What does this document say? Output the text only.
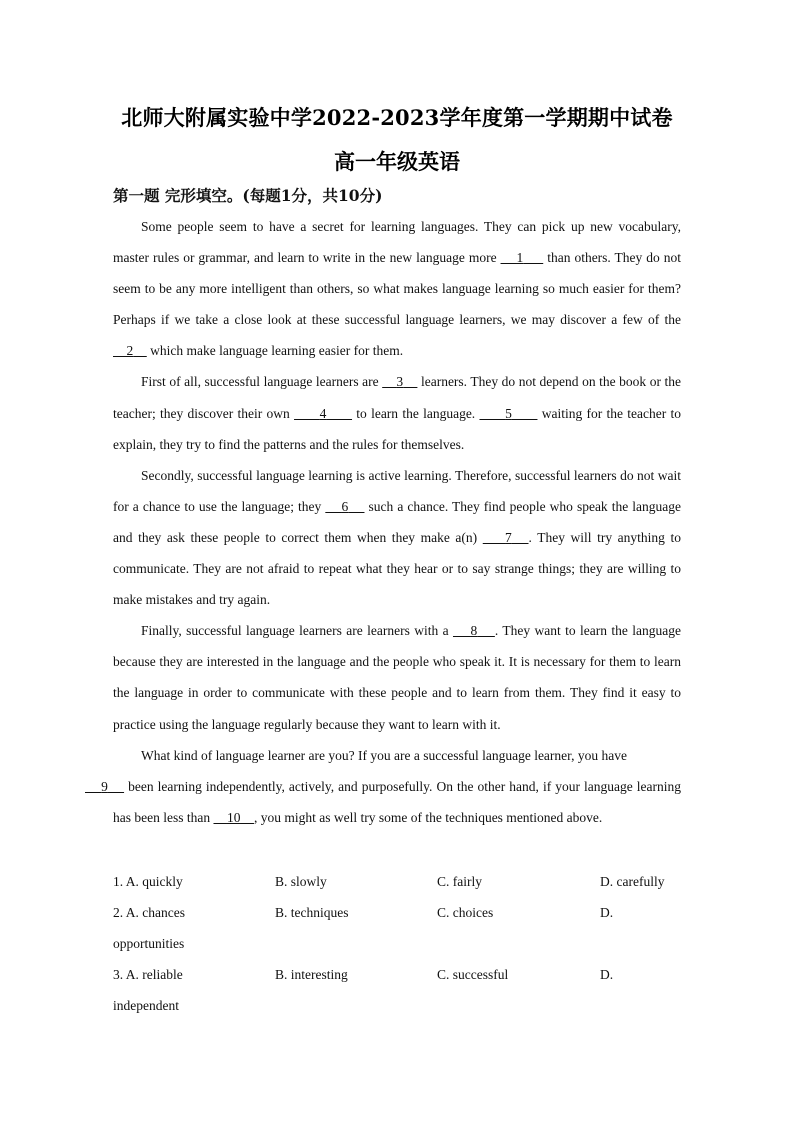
北师大附属实验中学2022-2023学年度第一学期期中试卷
高一年级英语
第一题 完形填空。(每题1分，共10分)

Some people seem to have a secret for learning languages. They can pick up new vocabulary, master rules or grammar, and learn to write in the new language more     1      than others. They do not seem to be any more intelligent than others, so what makes language learning so much easier for them? Perhaps if we take a close look at these successful language learners, we may discover a few of the     2     which make language learning easier for them.

First of all, successful language learners are     3     learners. They do not depend on the book or the teacher; they discover their own       4       to learn the language.       5       waiting for the teacher to explain, they try to find the patterns and the rules for themselves.

Secondly, successful language learning is active learning. Therefore, successful learners do not wait for a chance to use the language; they     6     such a chance. They find people who speak the language and they ask these people to correct them when they make a(n)     7 . They will try anything to communicate. They are not afraid to repeat what they hear or to say strange things; they are willing to make mistakes and try again.

Finally, successful language learners are learners with a     8 . They want to learn the language because they are interested in the language and the people who speak it. It is necessary for them to learn the language in order to communicate with these people and to learn from them. They find it easy to practice using the language regularly because they want to learn with it.

What kind of language learner are you? If you are a successful language learner, you have
9     been learning independently, actively, and purposefully. On the other hand, if your language learning has been less than     10 , you might as well try some of the techniques mentioned above.

1. A. quickly	B. slowly	C. fairly	D. carefully
2. A. chances	B. techniques	C. choices	D.
opportunities
3. A. reliable	B. interesting	C. successful	D.
independent
